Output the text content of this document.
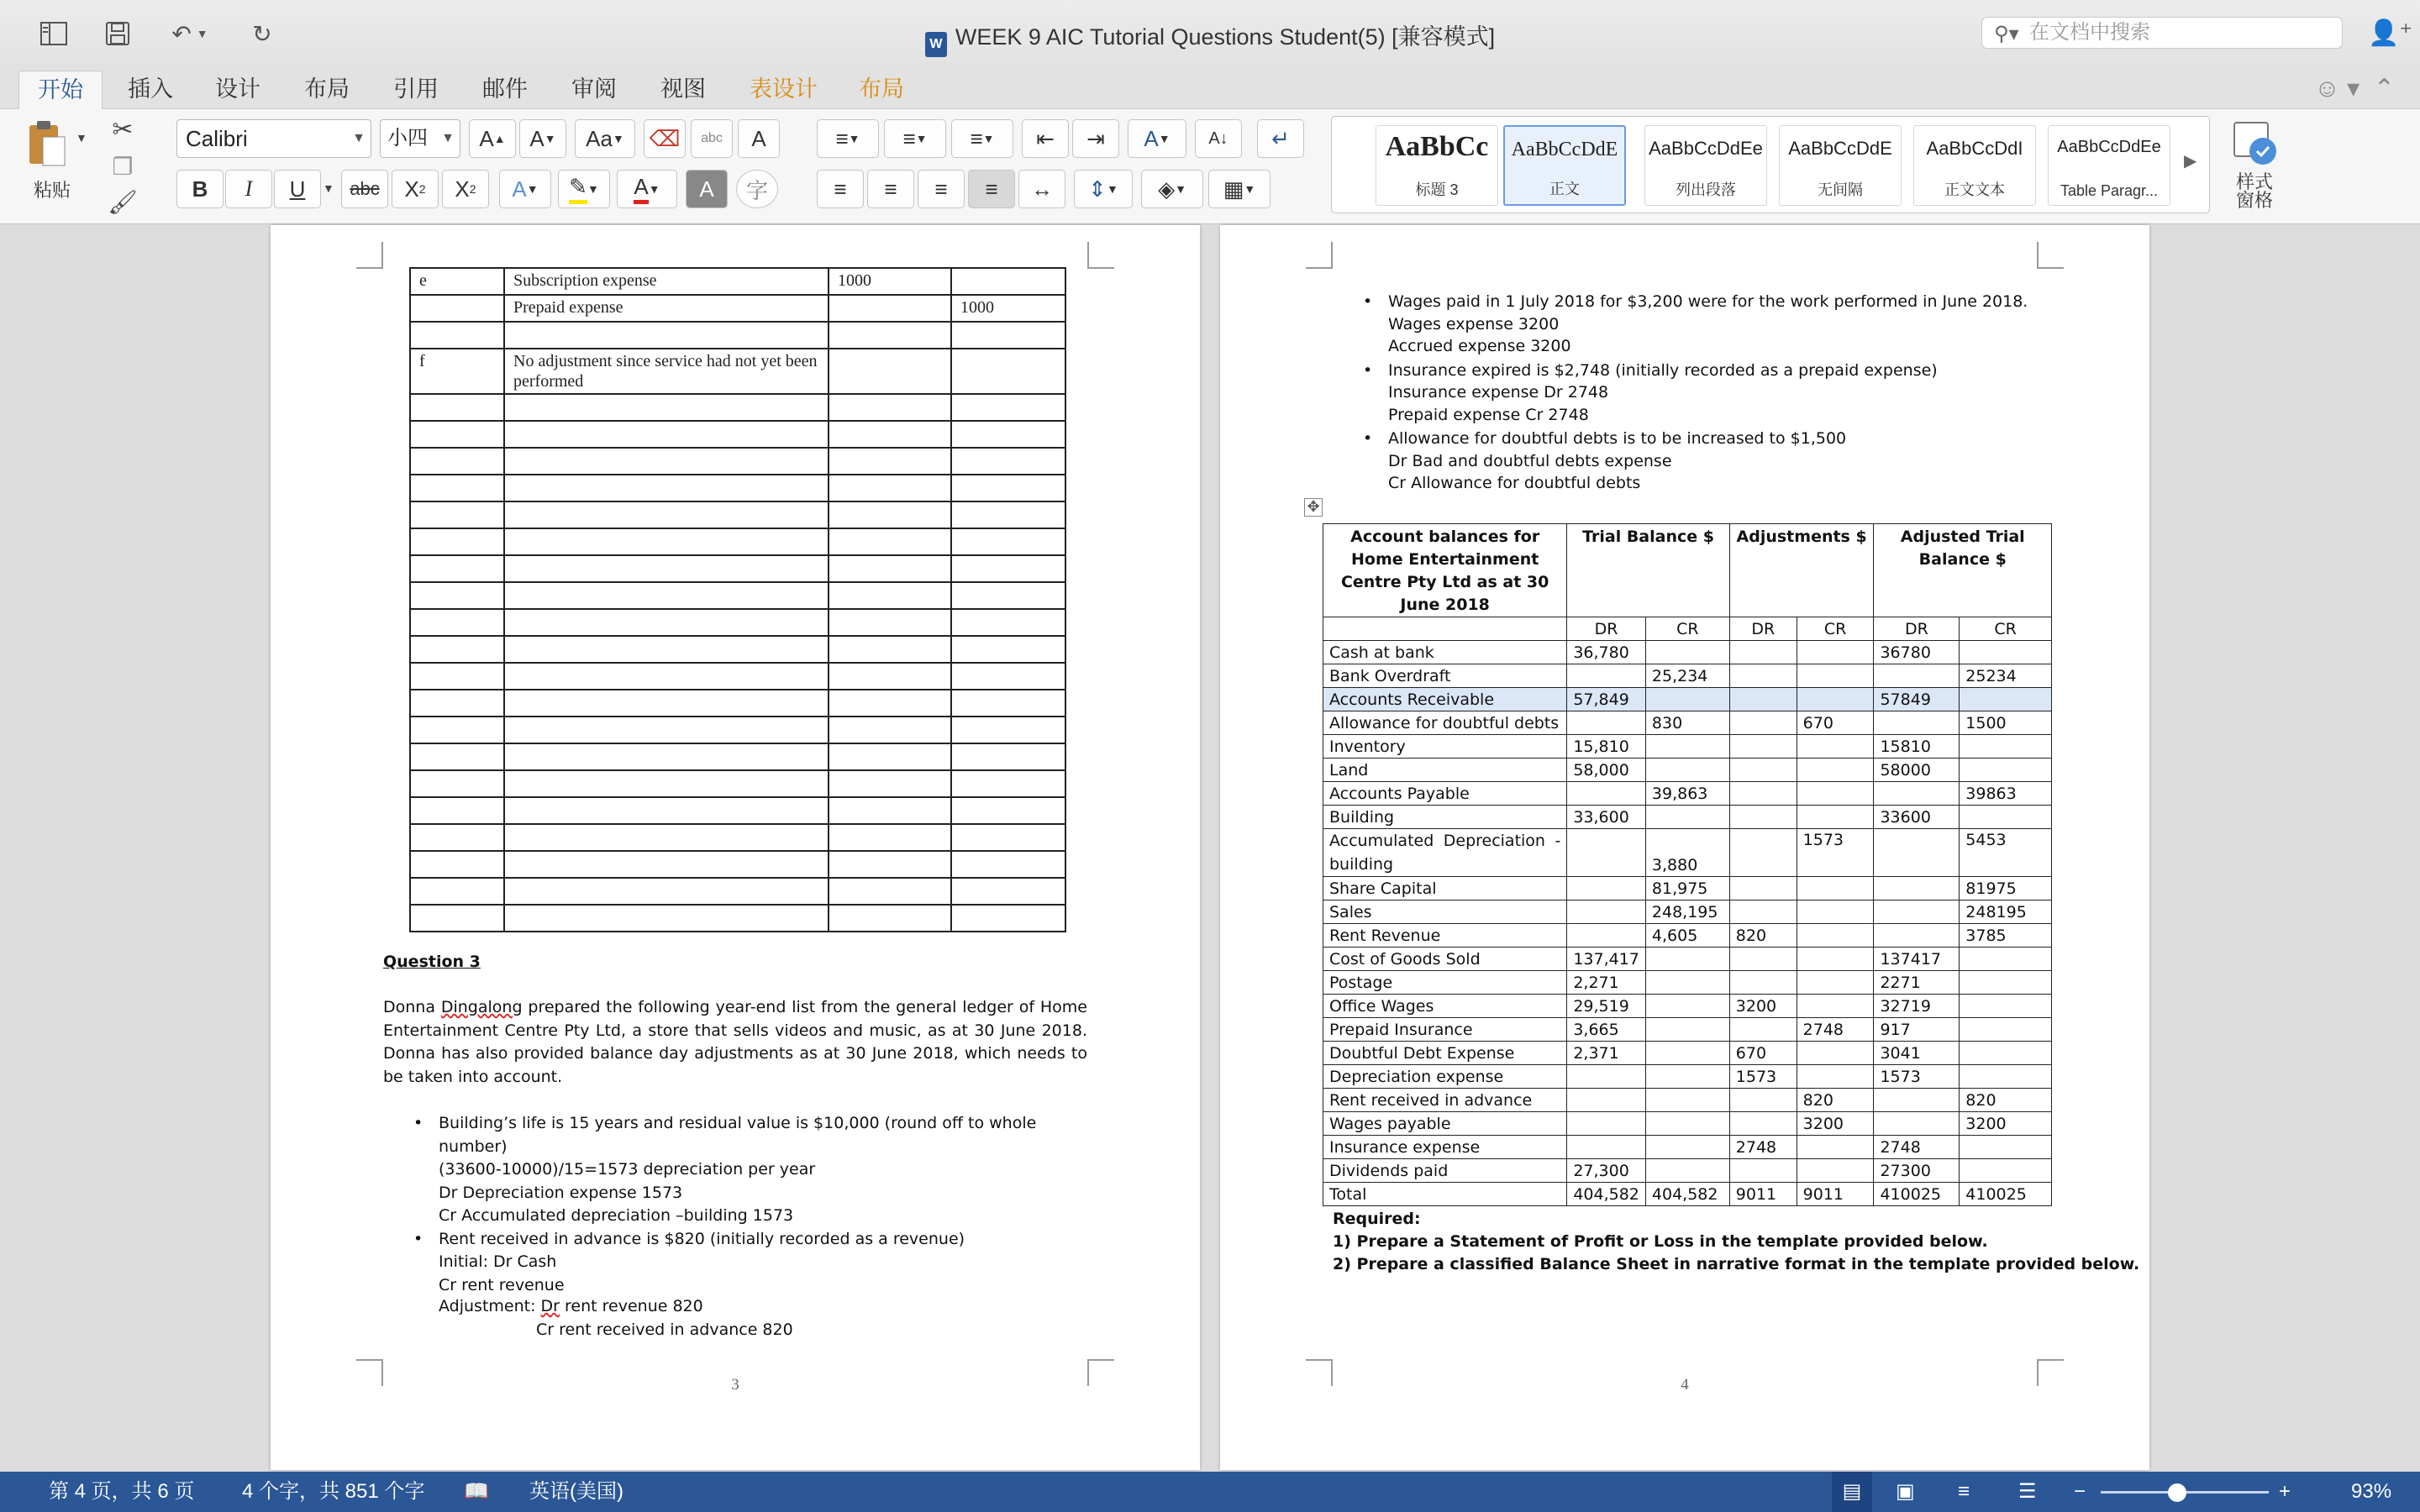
↶ ▼ ↻	W WEEK 9 AIC Tutorial Questions Student(5) [兼容模式]	⚲▾ 在文档中搜索	👤⁺
开始	插入	设计	布局	引用	邮件	审阅	视图	表设计	布局	☺ ▾  ⌃
▼
粘贴
✂
❐
🖌
Calibri	▼	小四 ▼	A ▲	A ▼	Aa ▼ ⌫	abc	A
B	I	U	▼ abc	X 2	X 2	A ▼ ✎ ▼ A ▼	A	字
≡ ▼	≡ ▼	≡ ▼	⇤	⇥	A ▼	A↓	↵
≡	≡	≡	≡	↔	⇕ ▼	◈ ▼	▦ ▼
AaBbCc
标题 3
AaBbCcDdE
正文
AaBbCcDdEe
列出段落
AaBbCcDdE
无间隔
AaBbCcDdI
正文文本
AaBbCcDdEe
Table Paragr...
▶
样式
窗格
e	Subscription expense	1000	
	Prepaid expense		1000

f	No adjustment since service had not yet been performed		

Question 3
Donna Dingalong prepared the following year-end list from the general ledger of Home Entertainment Centre Pty Ltd, a store that sells videos and music, as at 30 June 2018. Donna has also provided balance day adjustments as at 30 June 2018, which needs to be taken into account.
• Building’s life is 15 years and residual value is $10,000 (round off to whole number)
(33600-10000)/15=1573 depreciation per year
Dr Depreciation expense 1573
Cr Accumulated depreciation –building 1573
• Rent received in advance is $820 (initially recorded as a revenue)
Initial: Dr Cash
Cr rent revenue
Adjustment: Dr rent revenue 820
Cr rent received in advance 820
3
• Wages paid in 1 July 2018 for $3,200 were for the work performed in June 2018.
Wages expense 3200
Accrued expense 3200
• Insurance expired is $2,748 (initially recorded as a prepaid expense)
Insurance expense Dr 2748
Prepaid expense Cr 2748
• Allowance for doubtful debts is to be increased to $1,500
Dr Bad and doubtful debts expense
Cr Allowance for doubtful debts
✥
Account balances for Home Entertainment Centre Pty Ltd as at 30 June 2018	Trial Balance $		Adjustments $		Adjusted Trial Balance $	
	DR	CR	DR	CR	DR	CR
Cash at bank	36,780				36780	
Bank Overdraft		25,234				25234
Accounts Receivable	57,849				57849	
Allowance for doubtful debts		830		670		1500
Inventory	15,810				15810	
Land	58,000				58000	
Accounts Payable		39,863				39863
Building	33,600				33600	
Accumulated Depreciation - building		3,880		1573		5453
Share Capital		81,975				81975
Sales		248,195				248195
Rent Revenue		4,605	820			3785
Cost of Goods Sold	137,417				137417	
Postage	2,271				2271	
Office Wages	29,519		3200		32719	
Prepaid Insurance	3,665			2748	917	
Doubtful Debt Expense	2,371		670		3041	
Depreciation expense			1573		1573	
Rent received in advance				820		820
Wages payable				3200		3200
Insurance expense			2748		2748	
Dividends paid	27,300				27300	
Total	404,582	404,582	9011	9011	410025	410025
Required:
1) Prepare a Statement of Profit or Loss in the template provided below.
2) Prepare a classified Balance Sheet in narrative format in the template provided below.
4
第 4 页，共 6 页 4 个字，共 851 个字 📖 英语(美国)	▤	▣ ≡ ☰ −	+	93%
